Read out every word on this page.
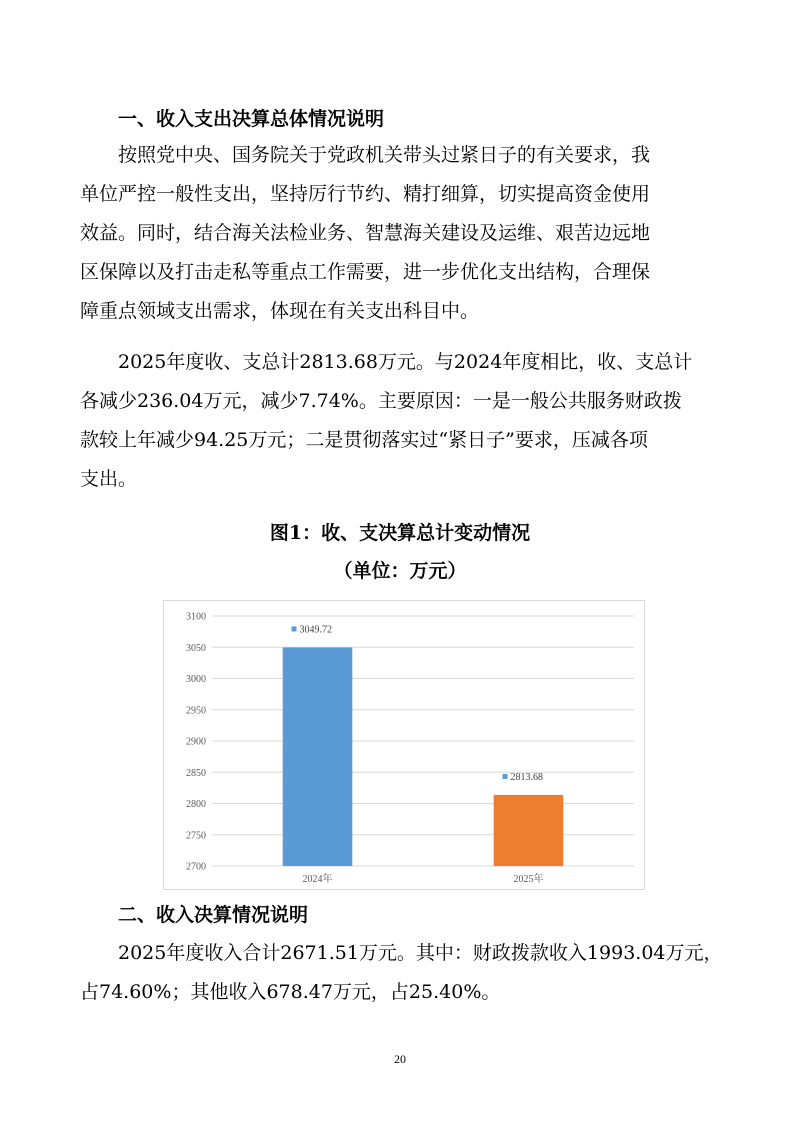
一、收入支出决算总体情况说明
按照党中央、国务院关于党政机关带头过紧日子的有关要求，我
单位严控一般性支出，坚持厉行节约、精打细算，切实提高资金使用
效益。同时，结合海关法检业务、智慧海关建设及运维、艰苦边远地
区保障以及打击走私等重点工作需要，进一步优化支出结构，合理保
障重点领域支出需求，体现在有关支出科目中。
2025年度收、支总计2813.68万元。与2024年度相比，收、支总计
各减少236.04万元，减少7.74%。主要原因：一是一般公共服务财政拨
款较上年减少94.25万元；二是贯彻落实过“紧日子”要求，压减各项
支出。

图1：收、支决算总计变动情况

（单位：万元）

2700
2750
2800
2850
2900
2950
3000
3050
3100
3049.72
2024年
2813.68
2025年
二、收入决算情况说明
2025年度收入合计2671.51万元。其中：财政拨款收入1993.04万元，
占74.60%；其他收入678.47万元，占25.40%。
20
